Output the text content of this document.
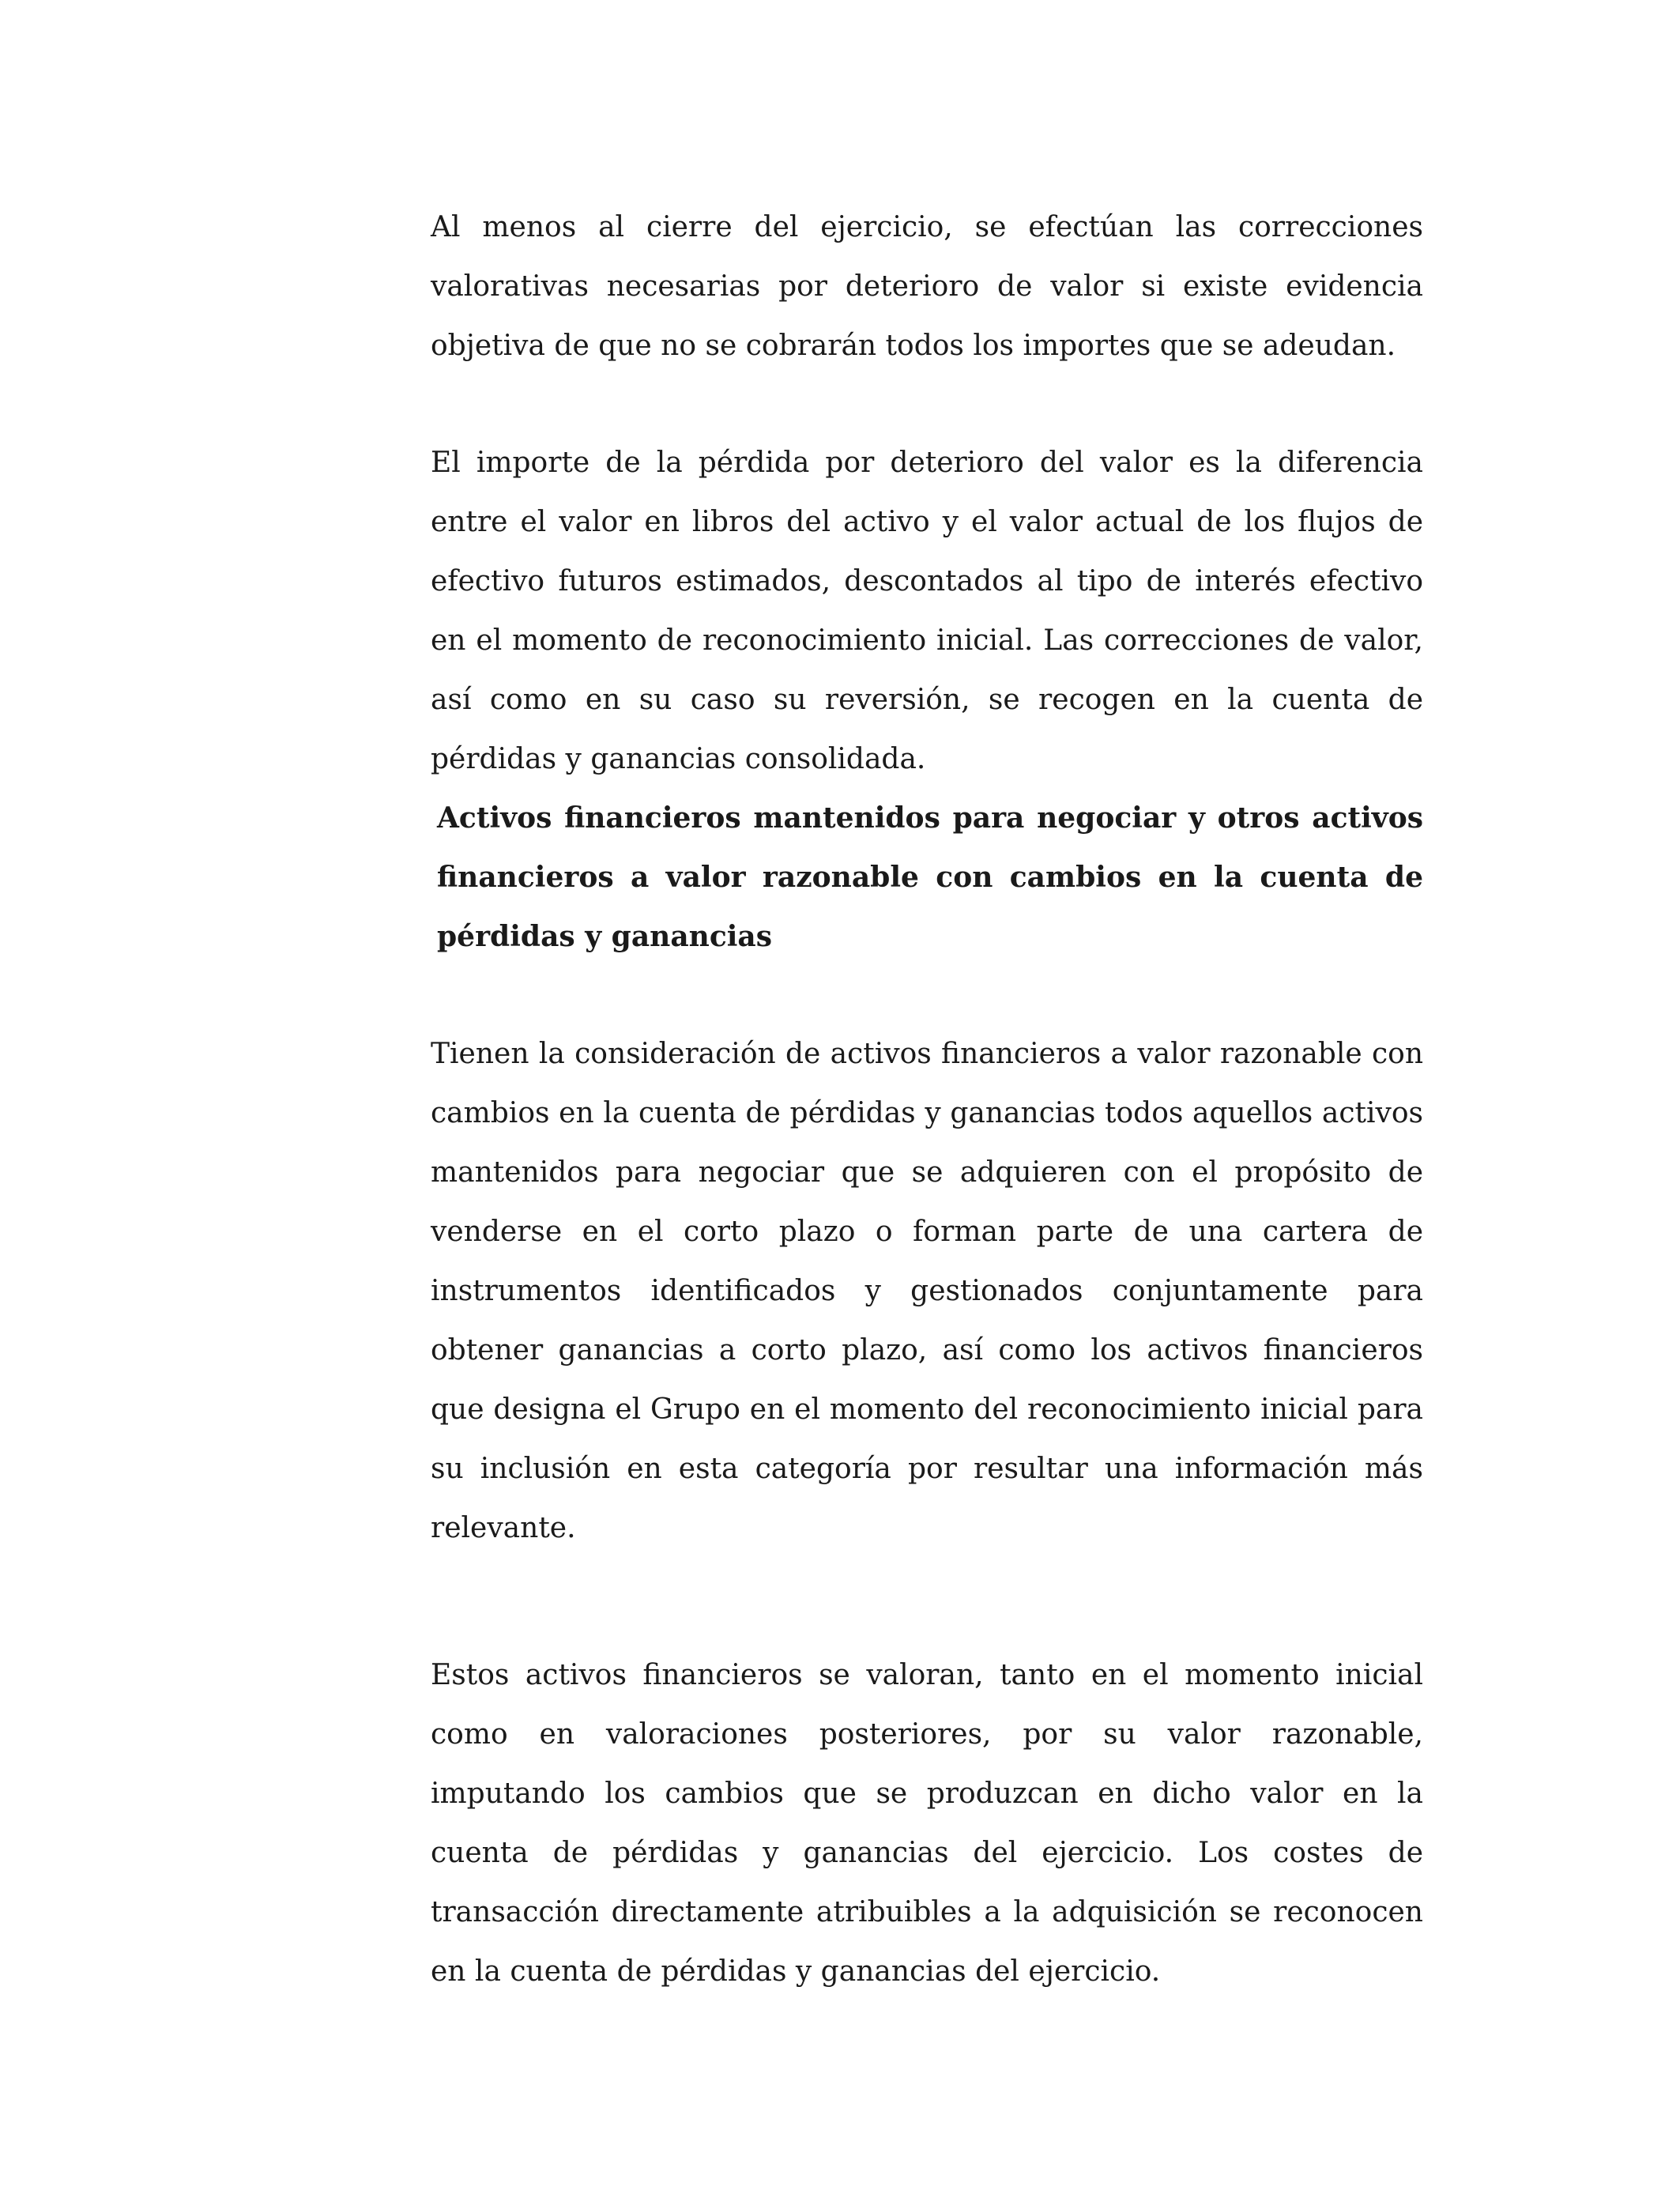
Al menos al cierre del ejercicio, se efectúan las correcciones valorativas necesarias por deterioro de valor si existe evidencia objetiva de que no se cobrarán todos los importes que se adeudan.

El importe de la pérdida por deterioro del valor es la diferencia entre el valor en libros del activo y el valor actual de los flujos de efectivo futuros estimados, descontados al tipo de interés efectivo en el momento de reconocimiento inicial. Las correcciones de valor, así como en su caso su reversión, se recogen en la cuenta de pérdidas y ganancias consolidada.

Activos financieros mantenidos para negociar y otros activos financieros a valor razonable con cambios en la cuenta de pérdidas y ganancias

Tienen la consideración de activos financieros a valor razonable con cambios en la cuenta de pérdidas y ganancias todos aquellos activos mantenidos para negociar que se adquieren con el propósito de venderse en el corto plazo o forman parte de una cartera de instrumentos identificados y gestionados conjuntamente para obtener ganancias a corto plazo, así como los activos financieros que designa el Grupo en el momento del reconocimiento inicial para su inclusión en esta categoría por resultar una información más relevante.

Estos activos financieros se valoran, tanto en el momento inicial como en valoraciones posteriores, por su valor razonable, imputando los cambios que se produzcan en dicho valor en la cuenta de pérdidas y ganancias del ejercicio. Los costes de transacción directamente atribuibles a la adquisición se reconocen en la cuenta de pérdidas y ganancias del ejercicio.
